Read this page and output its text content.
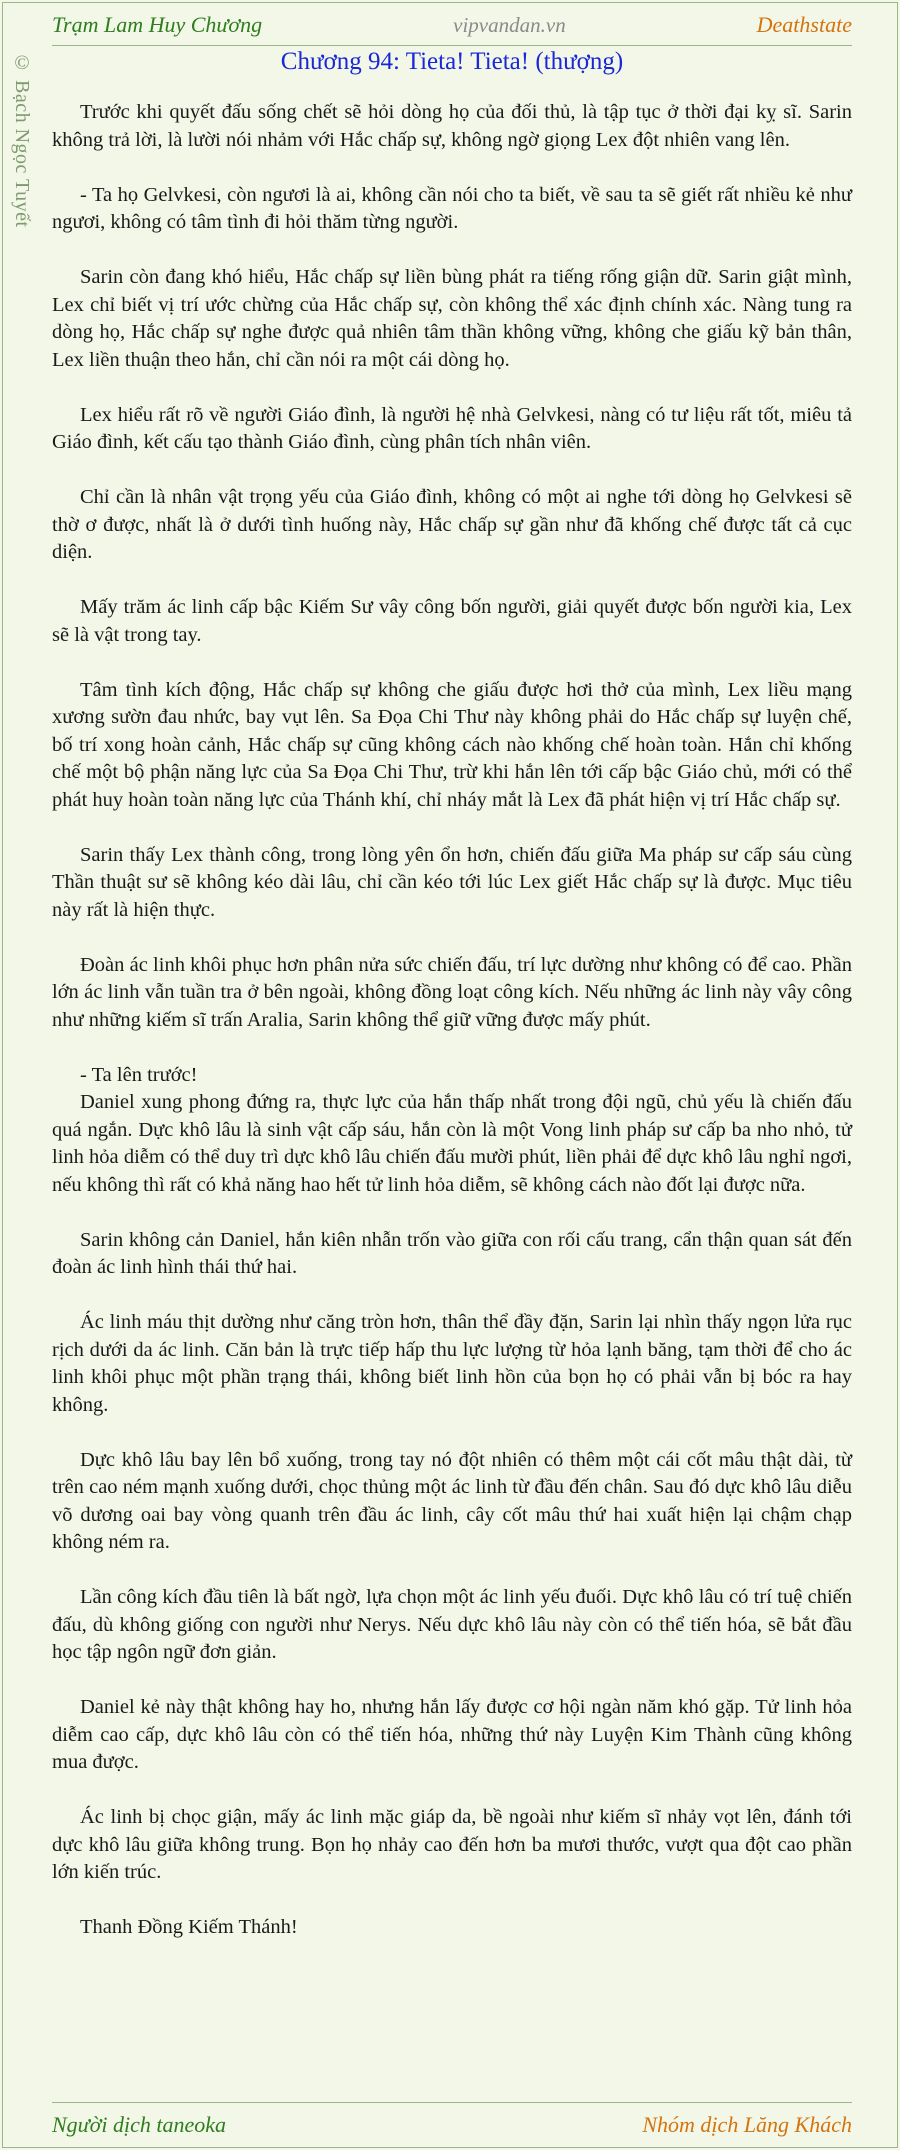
© Bạch Ngọc Tuyết
Trạm Lam Huy Chương	vipvandan.vn	Deathstate
Chương 94: Tieta! Tieta! (thượng)

Trước khi quyết đấu sống chết sẽ hỏi dòng họ của đối thủ, là tập tục ở thời đại kỵ sĩ. Sarin không trả lời, là lười nói nhảm với Hắc chấp sự, không ngờ giọng Lex đột nhiên vang lên.

- Ta họ Gelvkesi, còn ngươi là ai, không cần nói cho ta biết, về sau ta sẽ giết rất nhiều kẻ như ngươi, không có tâm tình đi hỏi thăm từng người.

Sarin còn đang khó hiểu, Hắc chấp sự liền bùng phát ra tiếng rống giận dữ. Sarin giật mình, Lex chỉ biết vị trí ước chừng của Hắc chấp sự, còn không thể xác định chính xác. Nàng tung ra dòng họ, Hắc chấp sự nghe được quả nhiên tâm thần không vững, không che giấu kỹ bản thân, Lex liền thuận theo hắn, chỉ cần nói ra một cái dòng họ.

Lex hiểu rất rõ về người Giáo đình, là người hệ nhà Gelvkesi, nàng có tư liệu rất tốt, miêu tả Giáo đình, kết cấu tạo thành Giáo đình, cùng phân tích nhân viên.

Chỉ cần là nhân vật trọng yếu của Giáo đình, không có một ai nghe tới dòng họ Gelvkesi sẽ thờ ơ được, nhất là ở dưới tình huống này, Hắc chấp sự gần như đã khống chế được tất cả cục diện.

Mấy trăm ác linh cấp bậc Kiếm Sư vây công bốn người, giải quyết được bốn người kia, Lex sẽ là vật trong tay.

Tâm tình kích động, Hắc chấp sự không che giấu được hơi thở của mình, Lex liều mạng xương sườn đau nhức, bay vụt lên. Sa Đọa Chi Thư này không phải do Hắc chấp sự luyện chế, bố trí xong hoàn cảnh, Hắc chấp sự cũng không cách nào khống chế hoàn toàn. Hắn chỉ khống chế một bộ phận năng lực của Sa Đọa Chi Thư, trừ khi hắn lên tới cấp bậc Giáo chủ, mới có thể phát huy hoàn toàn năng lực của Thánh khí, chỉ nháy mắt là Lex đã phát hiện vị trí Hắc chấp sự.

Sarin thấy Lex thành công, trong lòng yên ổn hơn, chiến đấu giữa Ma pháp sư cấp sáu cùng Thần thuật sư sẽ không kéo dài lâu, chỉ cần kéo tới lúc Lex giết Hắc chấp sự là được. Mục tiêu này rất là hiện thực.

Đoàn ác linh khôi phục hơn phân nửa sức chiến đấu, trí lực dường như không có để cao. Phần lớn ác linh vẫn tuần tra ở bên ngoài, không đồng loạt công kích. Nếu những ác linh này vây công như những kiếm sĩ trấn Aralia, Sarin không thể giữ vững được mấy phút.

- Ta lên trước!

Daniel xung phong đứng ra, thực lực của hắn thấp nhất trong đội ngũ, chủ yếu là chiến đấu quá ngắn. Dực khô lâu là sinh vật cấp sáu, hắn còn là một Vong linh pháp sư cấp ba nho nhỏ, tử linh hỏa diễm có thể duy trì dực khô lâu chiến đấu mười phút, liền phải để dực khô lâu nghỉ ngơi, nếu không thì rất có khả năng hao hết tử linh hỏa diễm, sẽ không cách nào đốt lại được nữa.

Sarin không cản Daniel, hắn kiên nhẫn trốn vào giữa con rối cấu trang, cẩn thận quan sát đến đoàn ác linh hình thái thứ hai.

Ác linh máu thịt dường như căng tròn hơn, thân thể đầy đặn, Sarin lại nhìn thấy ngọn lửa rục rịch dưới da ác linh. Căn bản là trực tiếp hấp thu lực lượng từ hỏa lạnh băng, tạm thời để cho ác linh khôi phục một phần trạng thái, không biết linh hồn của bọn họ có phải vẫn bị bóc ra hay không.

Dực khô lâu bay lên bổ xuống, trong tay nó đột nhiên có thêm một cái cốt mâu thật dài, từ trên cao ném mạnh xuống dưới, chọc thủng một ác linh từ đầu đến chân. Sau đó dực khô lâu diễu võ dương oai bay vòng quanh trên đầu ác linh, cây cốt mâu thứ hai xuất hiện lại chậm chạp không ném ra.

Lần công kích đầu tiên là bất ngờ, lựa chọn một ác linh yếu đuối. Dực khô lâu có trí tuệ chiến đấu, dù không giống con người như Nerys. Nếu dực khô lâu này còn có thể tiến hóa, sẽ bắt đầu học tập ngôn ngữ đơn giản.

Daniel kẻ này thật không hay ho, nhưng hắn lấy được cơ hội ngàn năm khó gặp. Tử linh hỏa diễm cao cấp, dực khô lâu còn có thể tiến hóa, những thứ này Luyện Kim Thành cũng không mua được.

Ác linh bị chọc giận, mấy ác linh mặc giáp da, bề ngoài như kiếm sĩ nhảy vọt lên, đánh tới dực khô lâu giữa không trung. Bọn họ nhảy cao đến hơn ba mươi thước, vượt qua đột cao phần lớn kiến trúc.

Thanh Đồng Kiếm Thánh!

Người dịch taneoka	Nhóm dịch Lăng Khách
